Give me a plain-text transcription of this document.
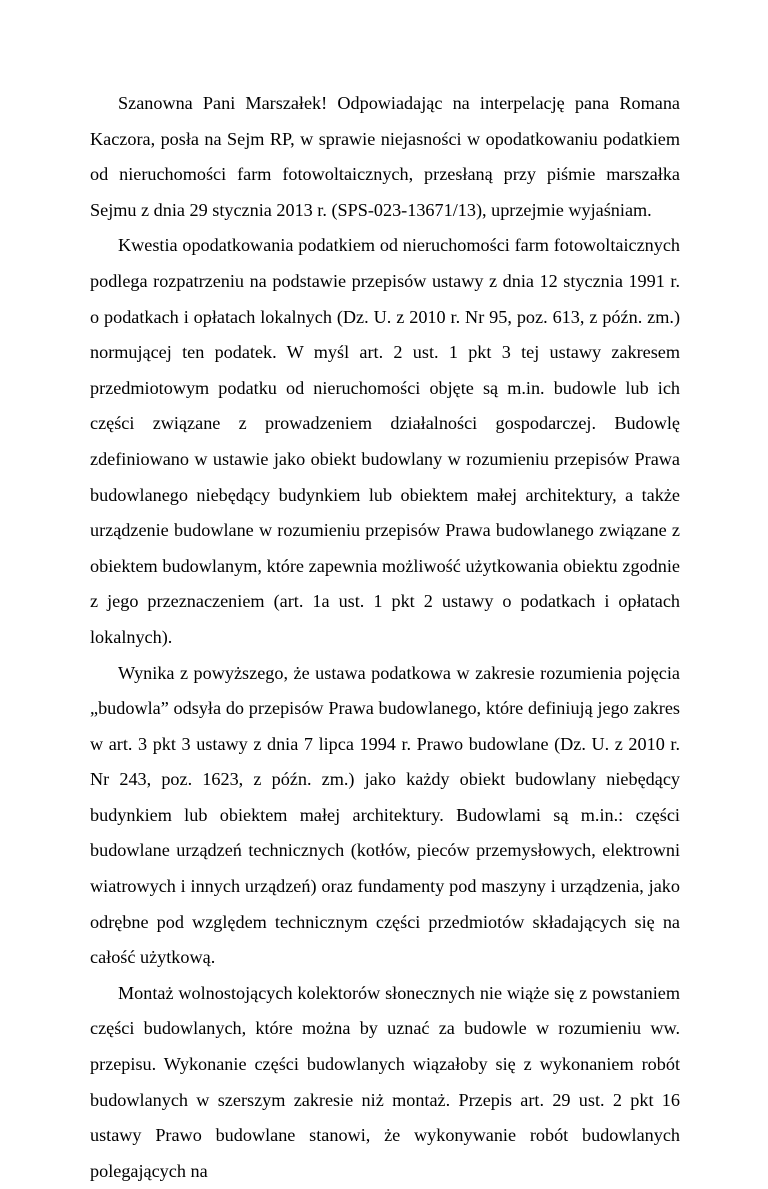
Szanowna Pani Marszałek! Odpowiadając na interpelację pana Romana Kaczora, posła na Sejm RP, w sprawie niejasności w opodatkowaniu podatkiem od nieruchomości farm fotowoltaicznych, przesłaną przy piśmie marszałka Sejmu z dnia 29 stycznia 2013 r. (SPS-023-13671/13), uprzejmie wyjaśniam.

Kwestia opodatkowania podatkiem od nieruchomości farm fotowoltaicznych podlega rozpatrzeniu na podstawie przepisów ustawy z dnia 12 stycznia 1991 r. o podatkach i opłatach lokalnych (Dz. U. z 2010 r. Nr 95, poz. 613, z późn. zm.) normującej ten podatek. W myśl art. 2 ust. 1 pkt 3 tej ustawy zakresem przedmiotowym podatku od nieruchomości objęte są m.in. budowle lub ich części związane z prowadzeniem działalności gospodarczej. Budowlę zdefiniowano w ustawie jako obiekt budowlany w rozumieniu przepisów Prawa budowlanego niebędący budynkiem lub obiektem małej architektury, a także urządzenie budowlane w rozumieniu przepisów Prawa budowlanego związane z obiektem budowlanym, które zapewnia możliwość użytkowania obiektu zgodnie z jego przeznaczeniem (art. 1a ust. 1 pkt 2 ustawy o podatkach i opłatach lokalnych).

Wynika z powyższego, że ustawa podatkowa w zakresie rozumienia pojęcia „budowla” odsyła do przepisów Prawa budowlanego, które definiują jego zakres w art. 3 pkt 3 ustawy z dnia 7 lipca 1994 r. Prawo budowlane (Dz. U. z 2010 r. Nr 243, poz. 1623, z późn. zm.) jako każdy obiekt budowlany niebędący budynkiem lub obiektem małej architektury. Budowlami są m.in.: części budowlane urządzeń technicznych (kotłów, pieców przemysłowych, elektrowni wiatrowych i innych urządzeń) oraz fundamenty pod maszyny i urządzenia, jako odrębne pod względem technicznym części przedmiotów składających się na całość użytkową.

Montaż wolnostojących kolektorów słonecznych nie wiąże się z powstaniem części budowlanych, które można by uznać za budowle w rozumieniu ww. przepisu. Wykonanie części budowlanych wiązałoby się z wykonaniem robót budowlanych w szerszym zakresie niż montaż. Przepis art. 29 ust. 2 pkt 16 ustawy Prawo budowlane stanowi, że wykonywanie robót budowlanych polegających na
